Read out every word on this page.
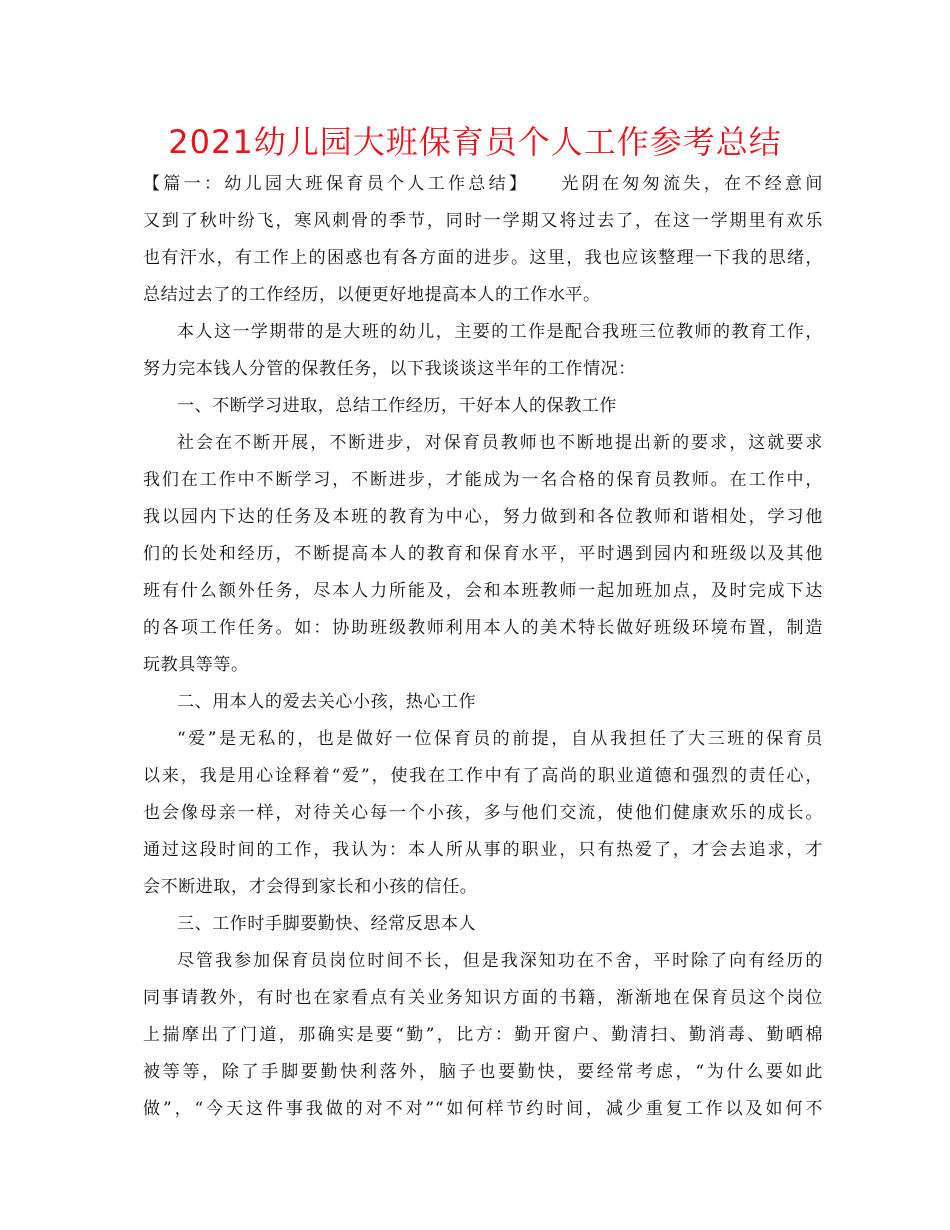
2021幼儿园大班保育员个人工作参考总结
【篇一：幼儿园大班保育员个人工作总结】　　光阴在匆匆流失，在不经意间
又到了秋叶纷飞，寒风刺骨的季节，同时一学期又将过去了，在这一学期里有欢乐
也有汗水，有工作上的困惑也有各方面的进步。这里，我也应该整理一下我的思绪，
总结过去了的工作经历，以便更好地提高本人的工作水平。
本人这一学期带的是大班的幼儿，主要的工作是配合我班三位教师的教育工作，
努力完本钱人分管的保教任务，以下我谈谈这半年的工作情况：
一、不断学习进取，总结工作经历，干好本人的保教工作
社会在不断开展，不断进步，对保育员教师也不断地提出新的要求，这就要求
我们在工作中不断学习，不断进步，才能成为一名合格的保育员教师。在工作中，
我以园内下达的任务及本班的教育为中心，努力做到和各位教师和谐相处，学习他
们的长处和经历，不断提高本人的教育和保育水平，平时遇到园内和班级以及其他
班有什么额外任务，尽本人力所能及，会和本班教师一起加班加点，及时完成下达
的各项工作任务。如：协助班级教师利用本人的美术特长做好班级环境布置，制造
玩教具等等。
二、用本人的爱去关心小孩，热心工作
“爱”是无私的，也是做好一位保育员的前提，自从我担任了大三班的保育员
以来，我是用心诠释着“爱”，使我在工作中有了高尚的职业道德和强烈的责任心，
也会像母亲一样，对待关心每一个小孩，多与他们交流，使他们健康欢乐的成长。
通过这段时间的工作，我认为：本人所从事的职业，只有热爱了，才会去追求，才
会不断进取，才会得到家长和小孩的信任。
三、工作时手脚要勤快、经常反思本人
尽管我参加保育员岗位时间不长，但是我深知功在不舍，平时除了向有经历的
同事请教外，有时也在家看点有关业务知识方面的书籍，渐渐地在保育员这个岗位
上揣摩出了门道，那确实是要“勤”，比方：勤开窗户、勤清扫、勤消毒、勤晒棉
被等等，除了手脚要勤快利落外，脑子也要勤快，要经常考虑，“为什么要如此
做”，“今天这件事我做的对不对”“如何样节约时间，减少重复工作以及如何不
